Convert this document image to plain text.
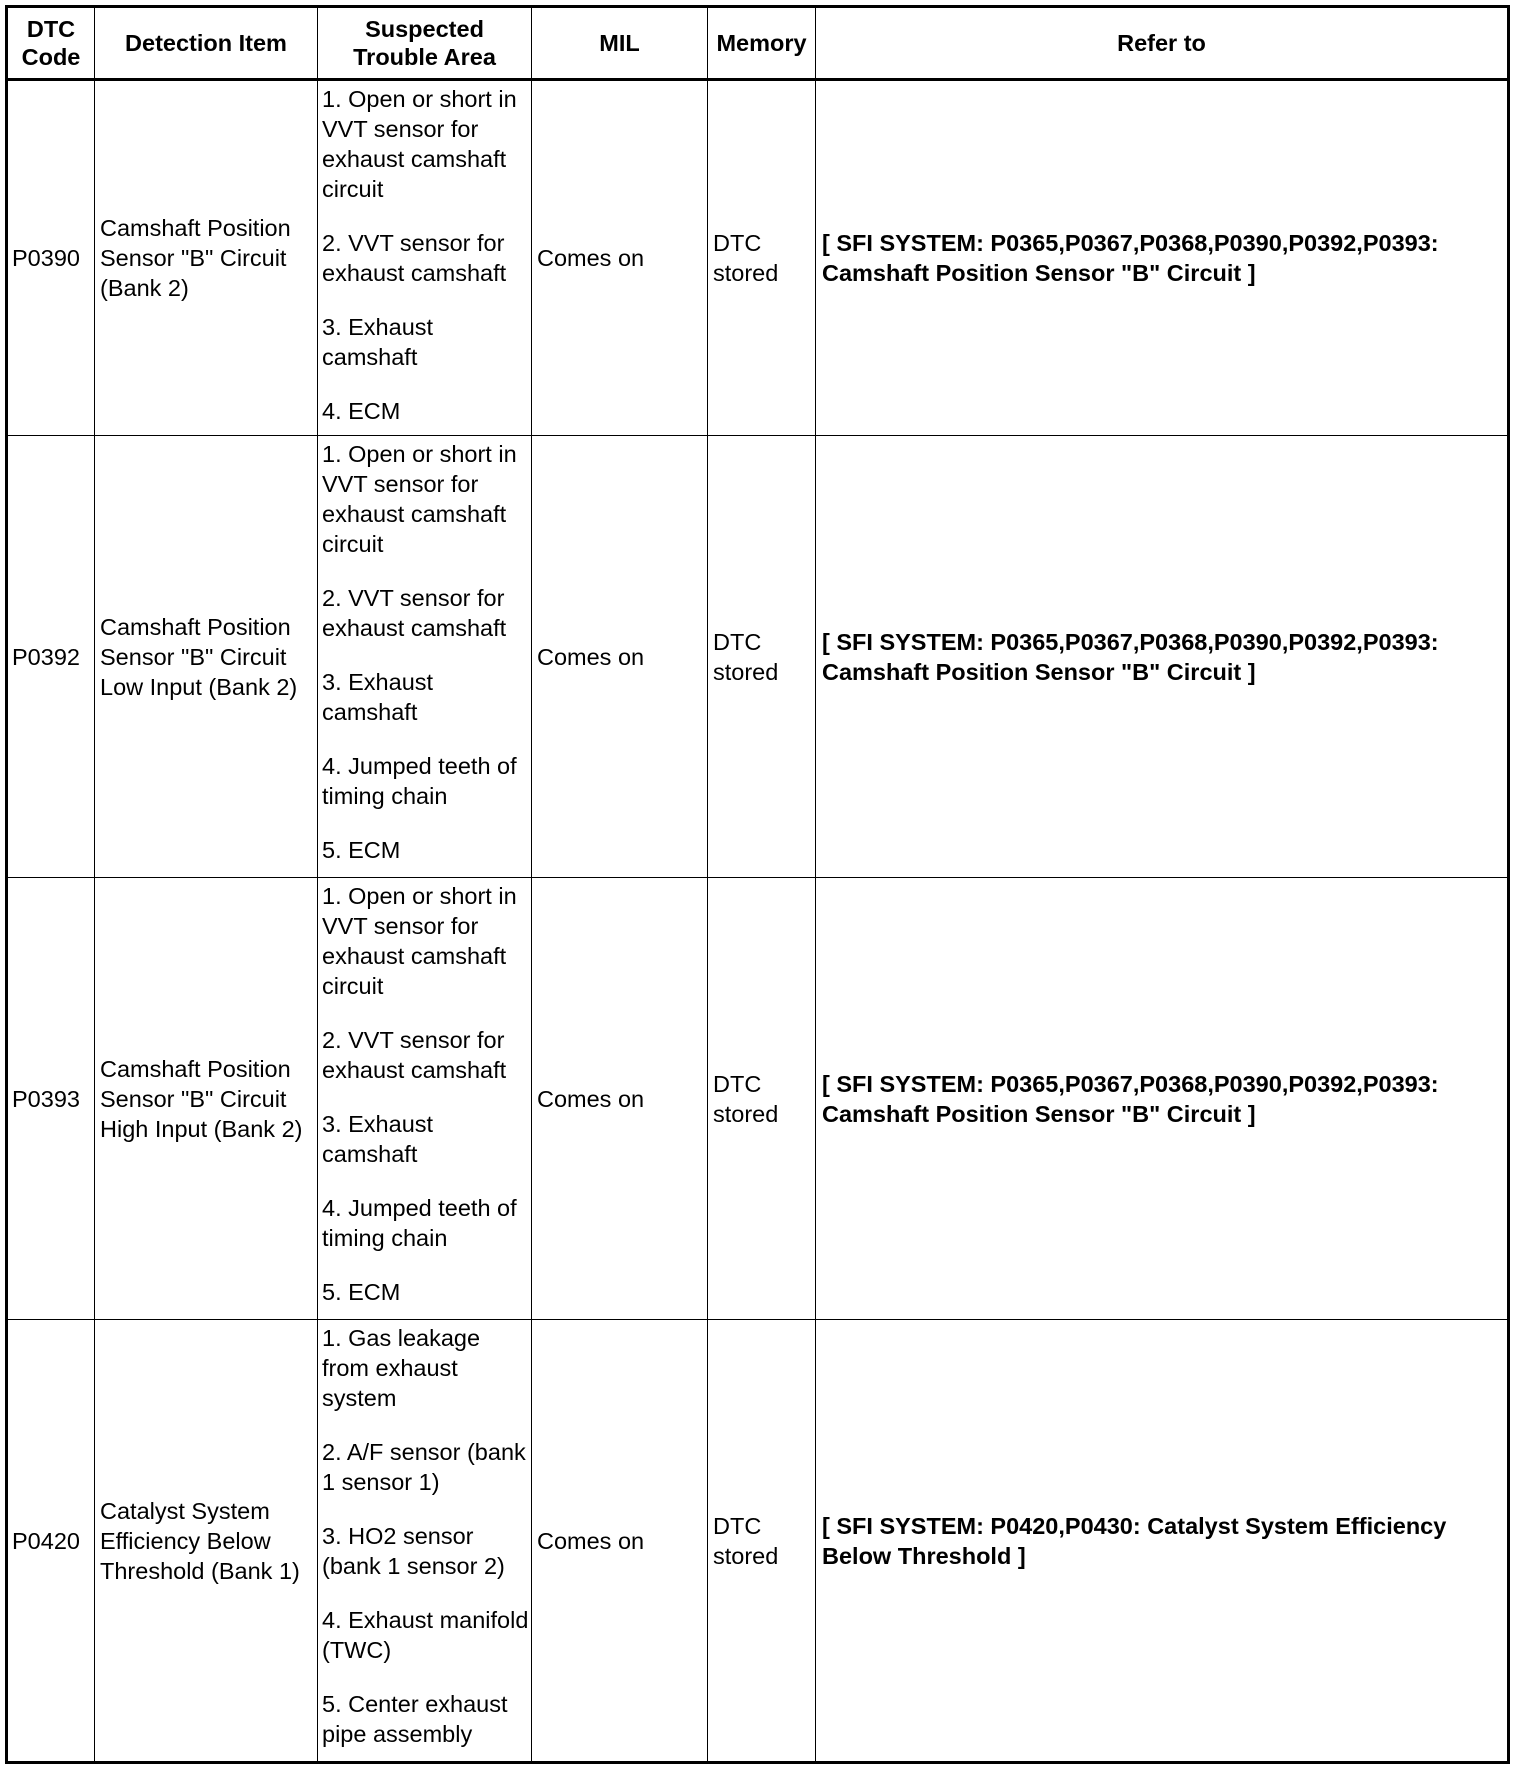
DTC Code	Detection Item	Suspected Trouble Area	MIL	Memory	Refer to
P0390	Camshaft Position Sensor "B" Circuit (Bank 2)	1. Open or short in VVT sensor for exhaust camshaft circuit
2. VVT sensor for exhaust camshaft
3. Exhaust camshaft
4. ECM	Comes on	DTC stored	[ SFI SYSTEM: P0365,P0367,P0368,P0390,P0392,P0393: Camshaft Position Sensor "B" Circuit ]
P0392	Camshaft Position Sensor "B" Circuit Low Input (Bank 2)	1. Open or short in VVT sensor for exhaust camshaft circuit
2. VVT sensor for exhaust camshaft
3. Exhaust camshaft
4. Jumped teeth of timing chain
5. ECM	Comes on	DTC stored	[ SFI SYSTEM: P0365,P0367,P0368,P0390,P0392,P0393: Camshaft Position Sensor "B" Circuit ]
P0393	Camshaft Position Sensor "B" Circuit High Input (Bank 2)	1. Open or short in VVT sensor for exhaust camshaft circuit
2. VVT sensor for exhaust camshaft
3. Exhaust camshaft
4. Jumped teeth of timing chain
5. ECM	Comes on	DTC stored	[ SFI SYSTEM: P0365,P0367,P0368,P0390,P0392,P0393: Camshaft Position Sensor "B" Circuit ]
P0420	Catalyst System Efficiency Below Threshold (Bank 1)	1. Gas leakage from exhaust system
2. A/F sensor (bank 1 sensor 1)
3. HO2 sensor (bank 1 sensor 2)
4. Exhaust manifold (TWC)
5. Center exhaust pipe assembly	Comes on	DTC stored	[ SFI SYSTEM: P0420,P0430: Catalyst System Efficiency Below Threshold ]
